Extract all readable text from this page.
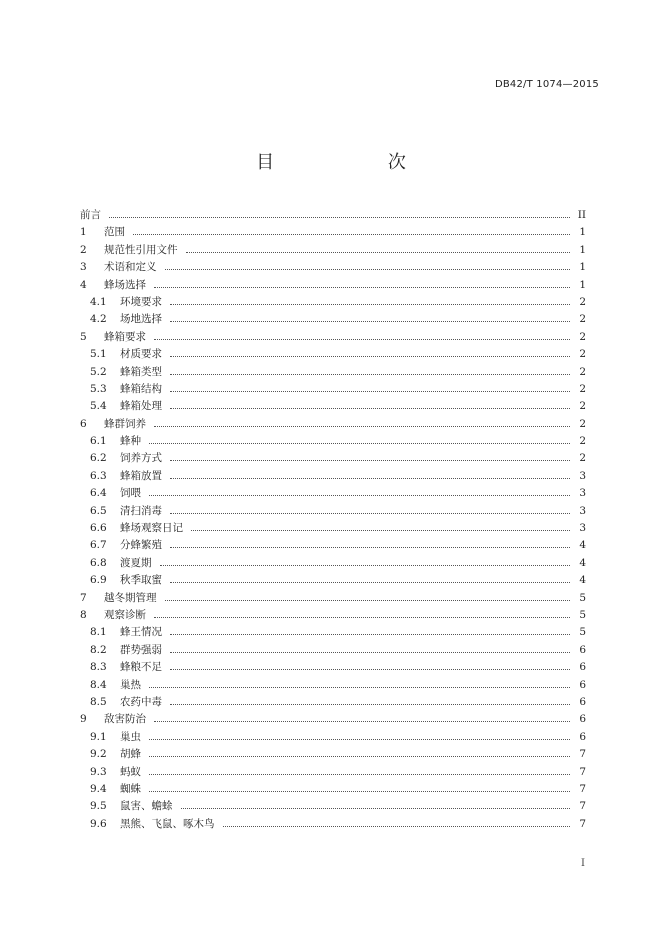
DB42/T 1074—2015
目 次
前言	II
1	范围	1
2	规范性引用文件	1
3	术语和定义	1
4	蜂场选择	1
4.1	环境要求	2
4.2	场地选择	2
5	蜂箱要求	2
5.1	材质要求	2
5.2	蜂箱类型	2
5.3	蜂箱结构	2
5.4	蜂箱处理	2
6	蜂群饲养	2
6.1	蜂种	2
6.2	饲养方式	2
6.3	蜂箱放置	3
6.4	饲喂	3
6.5	清扫消毒	3
6.6	蜂场观察日记	3
6.7	分蜂繁殖	4
6.8	渡夏期	4
6.9	秋季取蜜	4
7	越冬期管理	5
8	观察诊断	5
8.1	蜂王情况	5
8.2	群势强弱	6
8.3	蜂粮不足	6
8.4	巢热	6
8.5	农药中毒	6
9	敌害防治	6
9.1	巢虫	6
9.2	胡蜂	7
9.3	蚂蚁	7
9.4	蜘蛛	7
9.5	鼠害、蟾蜍	7
9.6	黑熊、飞鼠、啄木鸟	7
I
